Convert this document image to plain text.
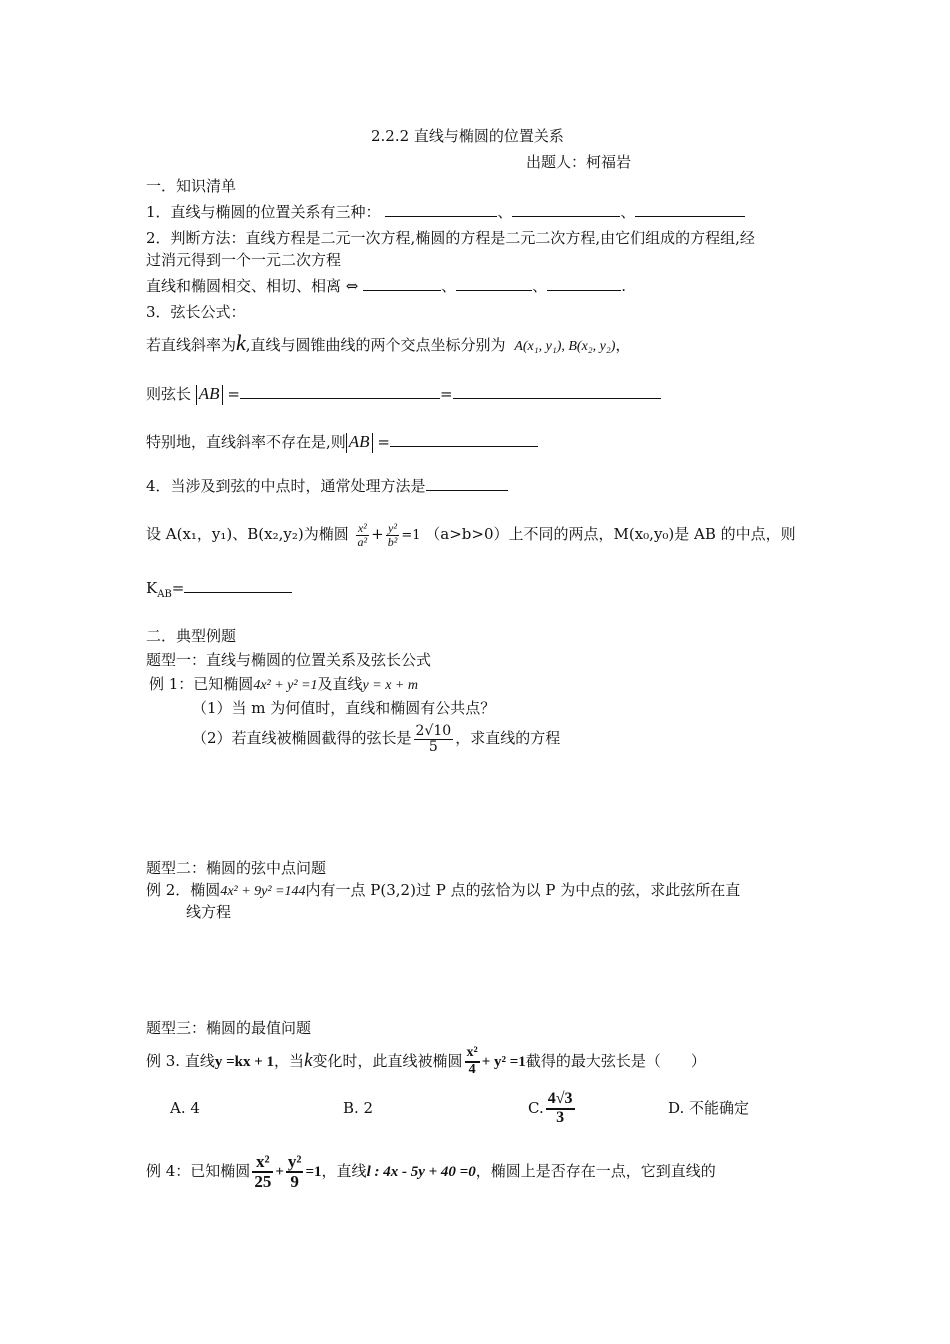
2.2.2 直线与椭圆的位置关系
出题人：柯福岩
一．知识清单
1．直线与椭圆的位置关系有三种：	、	、
2．判断方法：直线方程是二元一次方程,椭圆的方程是二元二次方程,由它们组成的方程组,经
过消元得到一个一元二次方程
直线和椭圆相交、相切、相离 ⇔	、	、	.
3．弦长公式：
若直线斜率为k,直线与圆锥曲线的两个交点坐标分别为 A(x₁, y₁), B(x₂, y₂)，
则弦长 AB =	=
特别地，直线斜率不存在是,则 AB =
4．当涉及到弦的中点时，通常处理方法是
设 A(x₁，y₁)、B(x₂,y₂)为椭圆 $\frac{\text{x²}}{\text{a²}} + \frac{\text{y²}}{\text{b²}} =1$ （a>b>0）上不同的两点，M(x₀,y₀)是 AB 的中点，则
$K_{AB}=$
二．典型例题
题型一：直线与椭圆的位置关系及弦长公式
例 1：已知椭圆4x² + y² =1及直线y = x + m
（1）当 m 为何值时，直线和椭圆有公共点？
（2）若直线被椭圆截得的弦长是 $\frac{2√10}{5}$ ，求直线的方程
题型二：椭圆的弦中点问题
例 2．椭圆4x² + 9y² =144内有一点 P(3,2)过 P 点的弦恰为以 P 为中点的弦，求此弦所在直
线方程
题型三：椭圆的最值问题
例 3. 直线y =kx + 1，当k变化时，此直线被椭圆 $\frac{\text{x²}}{4} + y^2 =1$截得的最大弦长是（　　）
A. 4	B. 2	C. $\frac{4√3}{3}$	D. 不能确定
例 4：已知椭圆 $\frac{\text{x²}}{25} + \frac{\text{y²}}{9} =1$，直线l : 4x - 5y + 40 =0，椭圆上是否存在一点，它到直线的
